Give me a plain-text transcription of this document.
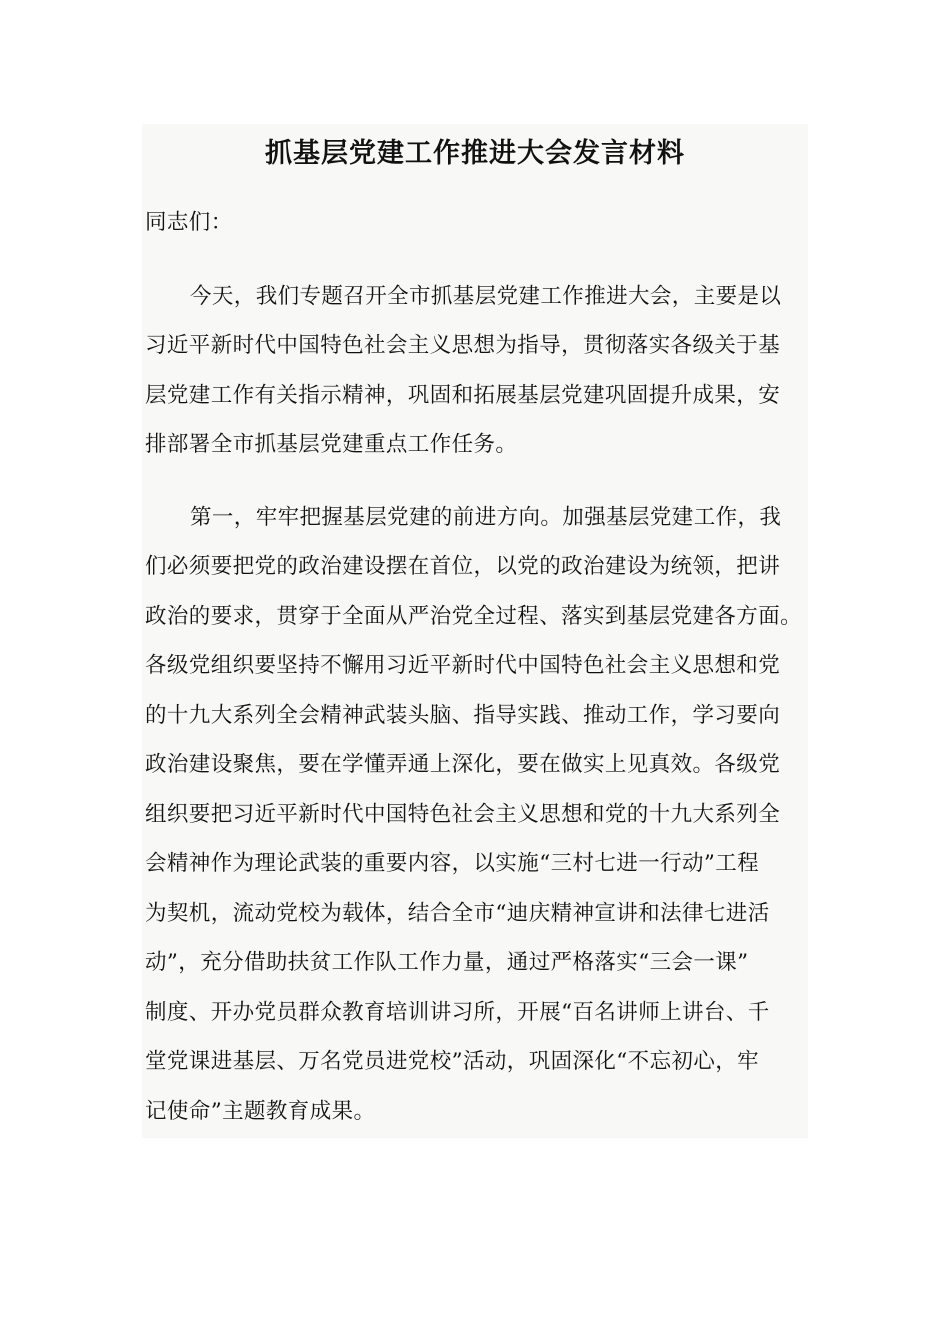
抓基层党建工作推进大会发言材料

同志们：

今天，我们专题召开全市抓基层党建工作推进大会，主要是以

习近平新时代中国特色社会主义思想为指导，贯彻落实各级关于基

层党建工作有关指示精神，巩固和拓展基层党建巩固提升成果，安

排部署全市抓基层党建重点工作任务。

第一，牢牢把握基层党建的前进方向。加强基层党建工作，我

们必须要把党的政治建设摆在首位，以党的政治建设为统领，把讲

政治的要求，贯穿于全面从严治党全过程、落实到基层党建各方面。

各级党组织要坚持不懈用习近平新时代中国特色社会主义思想和党

的十九大系列全会精神武装头脑、指导实践、推动工作，学习要向

政治建设聚焦，要在学懂弄通上深化，要在做实上见真效。各级党

组织要把习近平新时代中国特色社会主义思想和党的十九大系列全

会精神作为理论武装的重要内容，以实施“三村七进一行动”工程

为契机，流动党校为载体，结合全市“迪庆精神宣讲和法律七进活

动”，充分借助扶贫工作队工作力量，通过严格落实“三会一课”

制度、开办党员群众教育培训讲习所，开展“百名讲师上讲台、千

堂党课进基层、万名党员进党校”活动，巩固深化“不忘初心，牢

记使命”主题教育成果。
